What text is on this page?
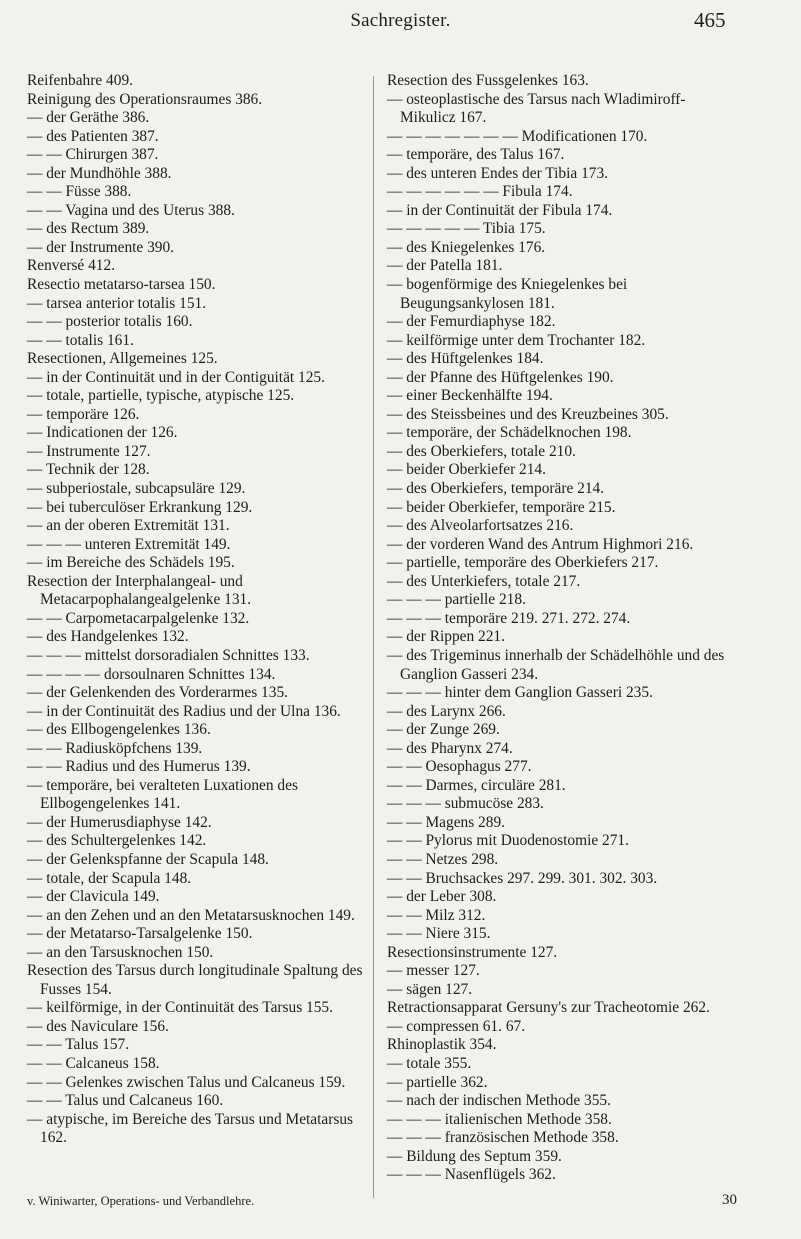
Sachregister.	465

Reifenbahre 409.

Reinigung des Operationsraumes 386.

— der Geräthe 386.

— des Patienten 387.

— — Chirurgen 387.

— der Mundhöhle 388.

— — Füsse 388.

— — Vagina und des Uterus 388.

— des Rectum 389.

— der Instrumente 390.

Renversé 412.

Resectio metatarso-tarsea 150.

— tarsea anterior totalis 151.

— — posterior totalis 160.

— — totalis 161.

Resectionen, Allgemeines 125.

— in der Continuität und in der Contiguität 125.

— totale, partielle, typische, atypische 125.

— temporäre 126.

— Indicationen der 126.

— Instrumente 127.

— Technik der 128.

— subperiostale, subcapsuläre 129.

— bei tuberculöser Erkrankung 129.

— an der oberen Extremität 131.

— — — unteren Extremität 149.

— im Bereiche des Schädels 195.

Resection der Interphalangeal- und Metacarpophalangealgelenke 131.

— — Carpometacarpalgelenke 132.

— des Handgelenkes 132.

— — — mittelst dorsoradialen Schnittes 133.

— — — — dorsoulnaren Schnittes 134.

— der Gelenkenden des Vorderarmes 135.

— in der Continuität des Radius und der Ulna 136.

— des Ellbogengelenkes 136.

— — Radiusköpfchens 139.

— — Radius und des Humerus 139.

— temporäre, bei veralteten Luxationen des Ellbogengelenkes 141.

— der Humerusdiaphyse 142.

— des Schultergelenkes 142.

— der Gelenkspfanne der Scapula 148.

— totale, der Scapula 148.

— der Clavicula 149.

— an den Zehen und an den Metatarsusknochen 149.

— der Metatarso-Tarsalgelenke 150.

— an den Tarsusknochen 150.

Resection des Tarsus durch longitudinale Spaltung des Fusses 154.

— keilförmige, in der Continuität des Tarsus 155.

— des Naviculare 156.

— — Talus 157.

— — Calcaneus 158.

— — Gelenkes zwischen Talus und Calcaneus 159.

— — Talus und Calcaneus 160.

— atypische, im Bereiche des Tarsus und Metatarsus 162.

Resection des Fussgelenkes 163.

— osteoplastische des Tarsus nach Wladimiroff-Mikulicz 167.

— — — — — — — Modificationen 170.

— temporäre, des Talus 167.

— des unteren Endes der Tibia 173.

— — — — — — Fibula 174.

— in der Continuität der Fibula 174.

— — — — — Tibia 175.

— des Kniegelenkes 176.

— der Patella 181.

— bogenförmige des Kniegelenkes bei Beugungsankylosen 181.

— der Femurdiaphyse 182.

— keilförmige unter dem Trochanter 182.

— des Hüftgelenkes 184.

— der Pfanne des Hüftgelenkes 190.

— einer Beckenhälfte 194.

— des Steissbeines und des Kreuzbeines 305.

— temporäre, der Schädelknochen 198.

— des Oberkiefers, totale 210.

— beider Oberkiefer 214.

— des Oberkiefers, temporäre 214.

— beider Oberkiefer, temporäre 215.

— des Alveolarfortsatzes 216.

— der vorderen Wand des Antrum Highmori 216.

— partielle, temporäre des Oberkiefers 217.

— des Unterkiefers, totale 217.

— — — partielle 218.

— — — temporäre 219. 271. 272. 274.

— der Rippen 221.

— des Trigeminus innerhalb der Schädelhöhle und des Ganglion Gasseri 234.

— — — hinter dem Ganglion Gasseri 235.

— des Larynx 266.

— der Zunge 269.

— des Pharynx 274.

— — Oesophagus 277.

— — Darmes, circuläre 281.

— — — submucöse 283.

— — Magens 289.

— — Pylorus mit Duodenostomie 271.

— — Netzes 298.

— — Bruchsackes 297. 299. 301. 302. 303.

— der Leber 308.

— — Milz 312.

— — Niere 315.

Resectionsinstrumente 127.

— messer 127.

— sägen 127.

Retractionsapparat Gersuny's zur Tracheotomie 262.

— compressen 61. 67.

Rhinoplastik 354.

— totale 355.

— partielle 362.

— nach der indischen Methode 355.

— — — italienischen Methode 358.

— — — französischen Methode 358.

— Bildung des Septum 359.

— — — Nasenflügels 362.

v. Winiwarter, Operations- und Verbandlehre.	30
